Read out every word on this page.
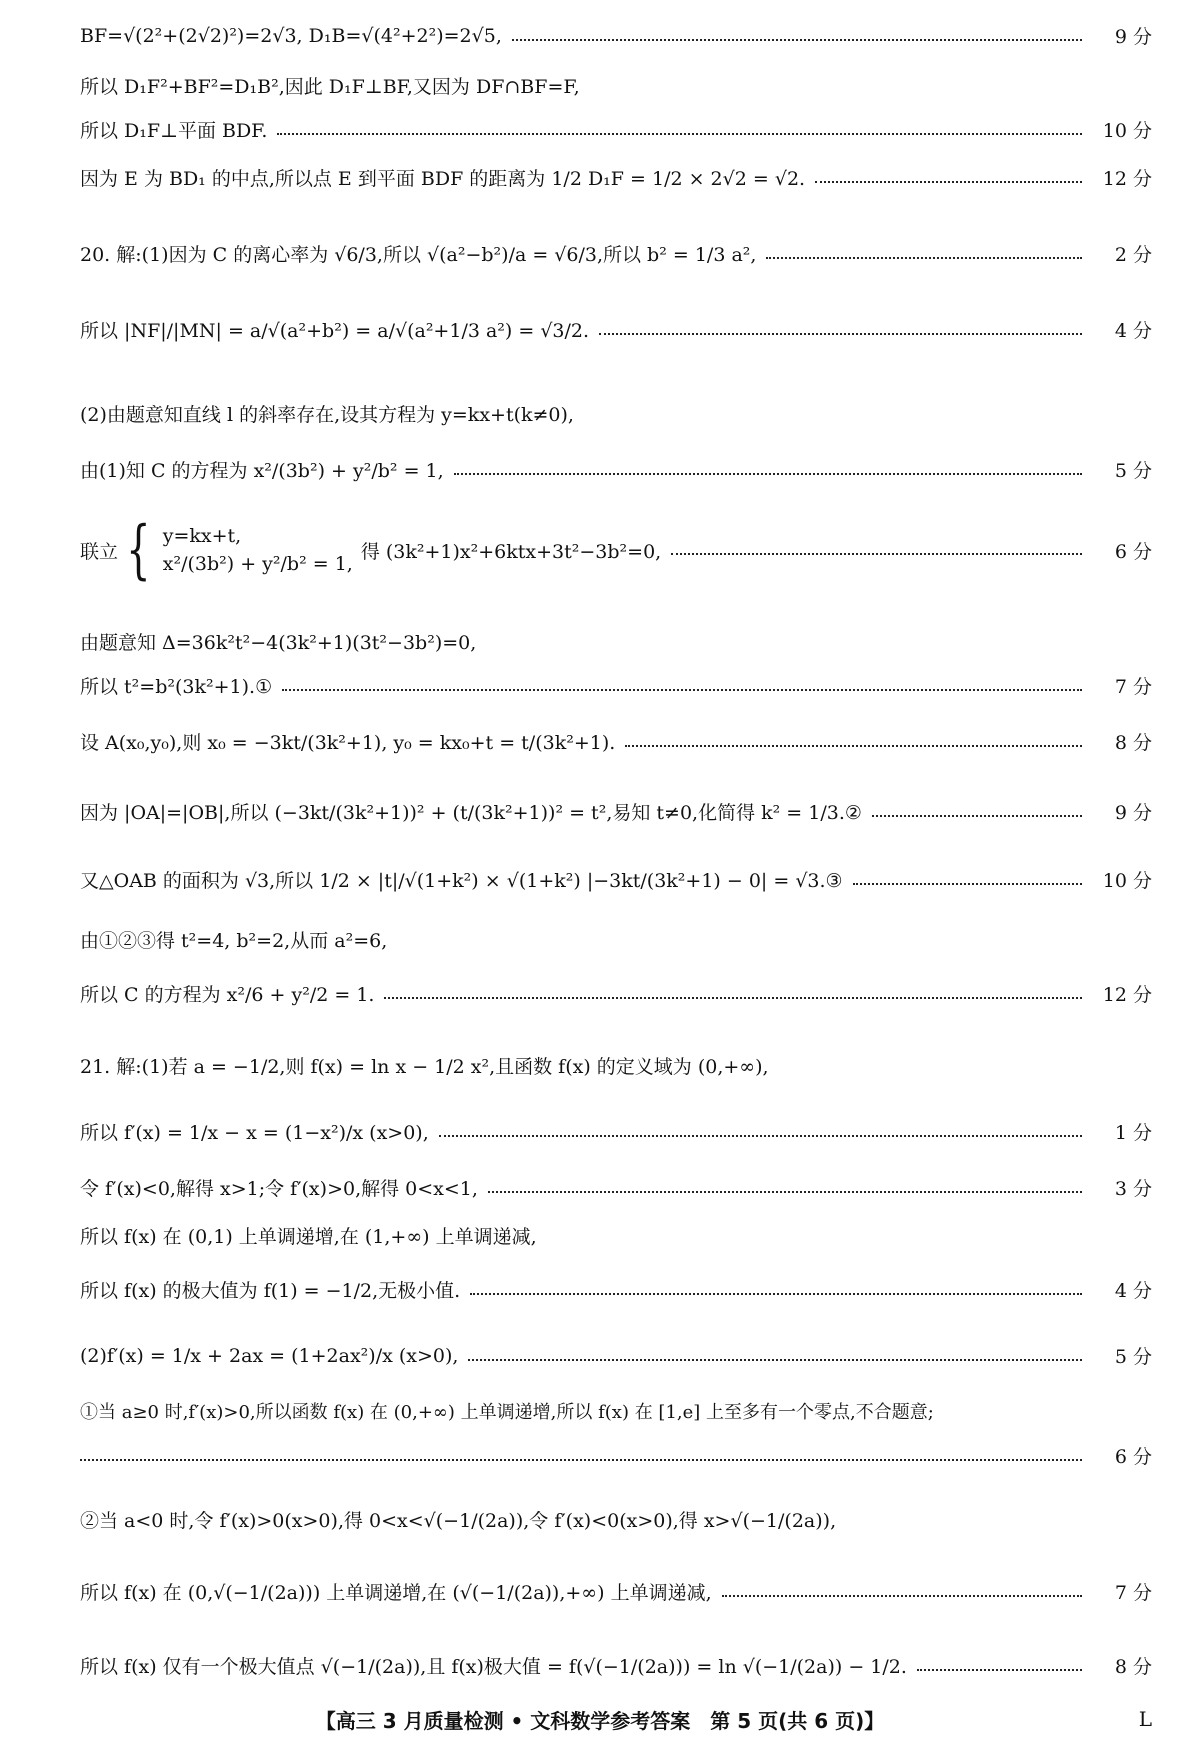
BF=√(2²+(2√2)²)=2√3, D₁B=√(4²+2²)=2√5,	9 分
所以 D₁F²+BF²=D₁B²,因此 D₁F⊥BF,又因为 DF∩BF=F,
所以 D₁F⊥平面 BDF.	10 分
因为 E 为 BD₁ 的中点,所以点 E 到平面 BDF 的距离为 1/2 D₁F = 1/2 × 2√2 = √2.	12 分
20. 解:(1)因为 C 的离心率为 √6/3,所以 √(a²−b²)/a = √6/3,所以 b² = 1/3 a²,	2 分
所以 |NF|/|MN| = a/√(a²+b²) = a/√(a²+1/3 a²) = √3/2.	4 分
(2)由题意知直线 l 的斜率存在,设其方程为 y=kx+t(k≠0),
由(1)知 C 的方程为 x²/(3b²) + y²/b² = 1,	5 分
联立 { y=kx+t,
x²/(3b²) + y²/b² = 1,
得 (3k²+1)x²+6ktx+3t²−3b²=0,	6 分
由题意知 Δ=36k²t²−4(3k²+1)(3t²−3b²)=0,
所以 t²=b²(3k²+1).①	7 分
设 A(x₀,y₀),则 x₀ = −3kt/(3k²+1), y₀ = kx₀+t = t/(3k²+1).	8 分
因为 |OA|=|OB|,所以 (−3kt/(3k²+1))² + (t/(3k²+1))² = t²,易知 t≠0,化简得 k² = 1/3.②	9 分
又△OAB 的面积为 √3,所以 1/2 × |t|/√(1+k²) × √(1+k²) |−3kt/(3k²+1) − 0| = √3.③	10 分
由①②③得 t²=4, b²=2,从而 a²=6,
所以 C 的方程为 x²/6 + y²/2 = 1.	12 分
21. 解:(1)若 a = −1/2,则 f(x) = ln x − 1/2 x²,且函数 f(x) 的定义域为 (0,+∞),
所以 f′(x) = 1/x − x = (1−x²)/x (x>0),	1 分
令 f′(x)<0,解得 x>1;令 f′(x)>0,解得 0<x<1,	3 分
所以 f(x) 在 (0,1) 上单调递增,在 (1,+∞) 上单调递减,
所以 f(x) 的极大值为 f(1) = −1/2,无极小值.	4 分
(2)f′(x) = 1/x + 2ax = (1+2ax²)/x (x>0),	5 分
①当 a≥0 时,f′(x)>0,所以函数 f(x) 在 (0,+∞) 上单调递增,所以 f(x) 在 [1,e] 上至多有一个零点,不合题意;
6 分
②当 a<0 时,令 f′(x)>0(x>0),得 0<x<√(−1/(2a)),令 f′(x)<0(x>0),得 x>√(−1/(2a)),
所以 f(x) 在 (0,√(−1/(2a))) 上单调递增,在 (√(−1/(2a)),+∞) 上单调递减,	7 分
所以 f(x) 仅有一个极大值点 √(−1/(2a)),且 f(x)极大值 = f(√(−1/(2a))) = ln √(−1/(2a)) − 1/2.	8 分
【高三 3 月质量检测 • 文科数学参考答案　第 5 页(共 6 页)】	L
